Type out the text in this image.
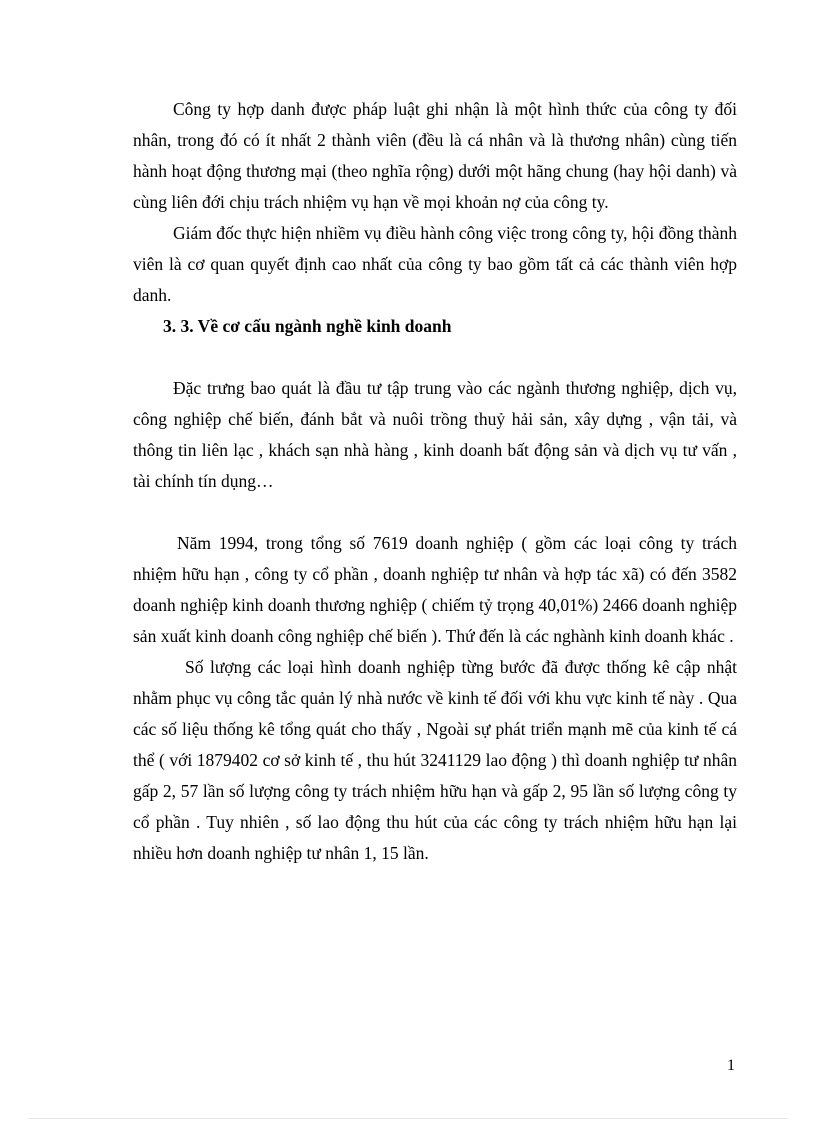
Công ty hợp danh được pháp luật ghi nhận là một hình thức của công ty đối nhân, trong đó có ít nhất 2 thành viên (đều là cá nhân và là thương nhân) cùng tiến hành hoạt động thương mại (theo nghĩa rộng) dưới một hãng chung (hay hội danh) và cùng liên đới chịu trách nhiệm vụ hạn về mọi khoản nợ của công ty.

Giám đốc thực hiện nhiềm vụ điều hành công việc trong công ty, hội đồng thành viên là cơ quan quyết định cao nhất của công ty bao gồm tất cả các thành viên hợp danh.

3. 3. Về cơ cấu ngành nghề kinh doanh

Đặc trưng bao quát là đầu tư tập trung vào các ngành thương nghiệp, dịch vụ, công nghiệp chế biến, đánh bắt và nuôi trồng thuỷ hải sản, xây dựng , vận tải, và thông tin liên lạc , khách sạn nhà hàng , kinh doanh bất động sản và dịch vụ tư vấn , tài chính tín dụng…

Năm 1994, trong tổng số 7619 doanh nghiệp ( gồm các loại công ty trách nhiệm hữu hạn , công ty cổ phần , doanh nghiệp tư nhân và hợp tác xã) có đến 3582 doanh nghiệp kinh doanh thương nghiệp ( chiếm tỷ trọng 40,01%) 2466 doanh nghiệp sản xuất kinh doanh công nghiệp chế biến ). Thứ đến là các nghành kinh doanh khác .

Số lượng các loại hình doanh nghiệp từng bước đã được thống kê cập nhật nhằm phục vụ công tắc quản lý nhà nước về kinh tế đối với khu vực kinh tế này . Qua các số liệu thống kê tổng quát cho thấy , Ngoài sự phát triển mạnh mẽ của kinh tế cá thể ( với 1879402 cơ sở kinh tế , thu hút 3241129 lao động ) thì doanh nghiệp tư nhân gấp 2, 57 lần số lượng công ty trách nhiệm hữu hạn và gấp 2, 95 lần số lượng công ty cổ phần . Tuy nhiên , số lao động thu hút của các công ty trách nhiệm hữu hạn lại nhiều hơn doanh nghiệp tư nhân 1, 15 lần.

1
